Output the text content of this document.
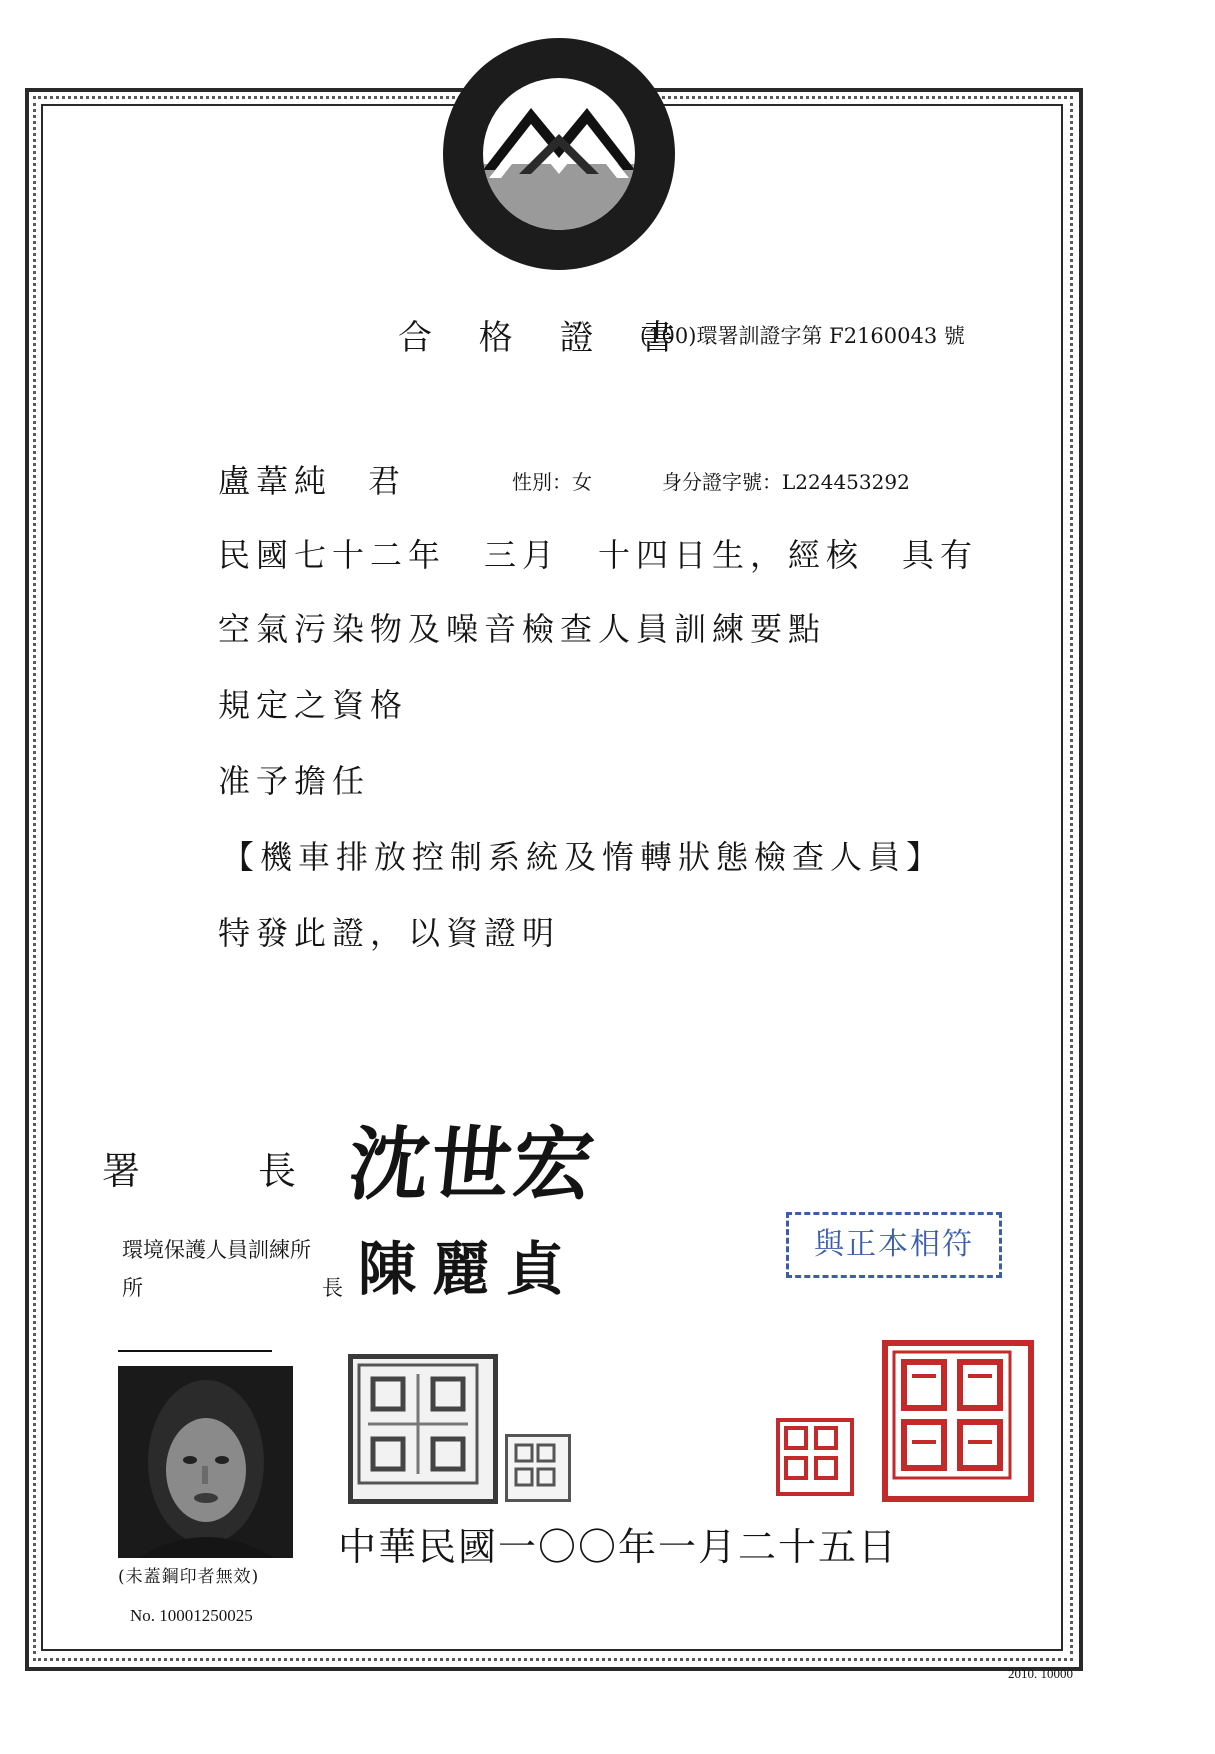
合 格 證 書
(100)環署訓證字第 F2160043 號
盧葦純 君	性別：女	身分證字號：L224453292
民國七十二年　三月　十四日生，經核　具有
空氣污染物及噪音檢查人員訓練要點
規定之資格
准予擔任
【機車排放控制系統及惰轉狀態檢查人員】
特發此證，以資證明
署	長 沈世宏
環境保護人員訓練所
所	長 陳麗貞	與正本相符
(未蓋鋼印者無效)
No. 10001250025
中華民國一〇〇年一月二十五日
2010. 10000
